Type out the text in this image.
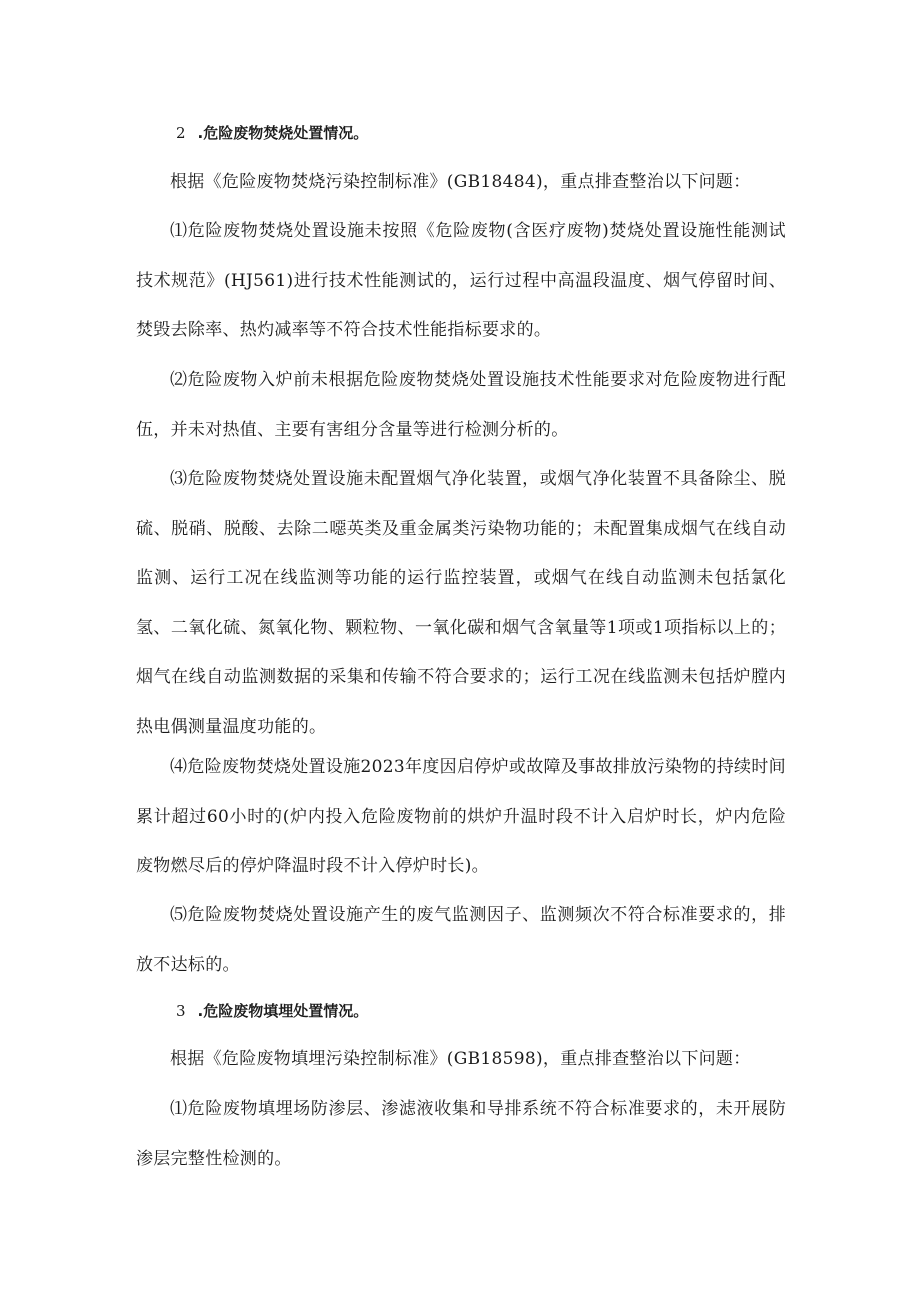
2 .危险废物焚烧处置情况。

根据《危险废物焚烧污染控制标准》(GB18484)，重点排查整治以下问题：

⑴危险废物焚烧处置设施未按照《危险废物(含医疗废物)焚烧处置设施性能测试技术规范》(HJ561)进行技术性能测试的，运行过程中高温段温度、烟气停留时间、焚毁去除率、热灼减率等不符合技术性能指标要求的。

⑵危险废物入炉前未根据危险废物焚烧处置设施技术性能要求对危险废物进行配伍，并未对热值、主要有害组分含量等进行检测分析的。

⑶危险废物焚烧处置设施未配置烟气净化装置，或烟气净化装置不具备除尘、脱硫、脱硝、脱酸、去除二噁英类及重金属类污染物功能的；未配置集成烟气在线自动监测、运行工况在线监测等功能的运行监控装置，或烟气在线自动监测未包括氯化氢、二氧化硫、氮氧化物、颗粒物、一氧化碳和烟气含氧量等1项或1项指标以上的；烟气在线自动监测数据的采集和传输不符合要求的；运行工况在线监测未包括炉膛内热电偶测量温度功能的。

⑷危险废物焚烧处置设施2023年度因启停炉或故障及事故排放污染物的持续时间累计超过60小时的(炉内投入危险废物前的烘炉升温时段不计入启炉时长，炉内危险废物燃尽后的停炉降温时段不计入停炉时长)。

⑸危险废物焚烧处置设施产生的废气监测因子、监测频次不符合标准要求的，排放不达标的。

3 .危险废物填埋处置情况。

根据《危险废物填埋污染控制标准》(GB18598)，重点排查整治以下问题：

⑴危险废物填埋场防渗层、渗滤液收集和导排系统不符合标准要求的，未开展防渗层完整性检测的。
